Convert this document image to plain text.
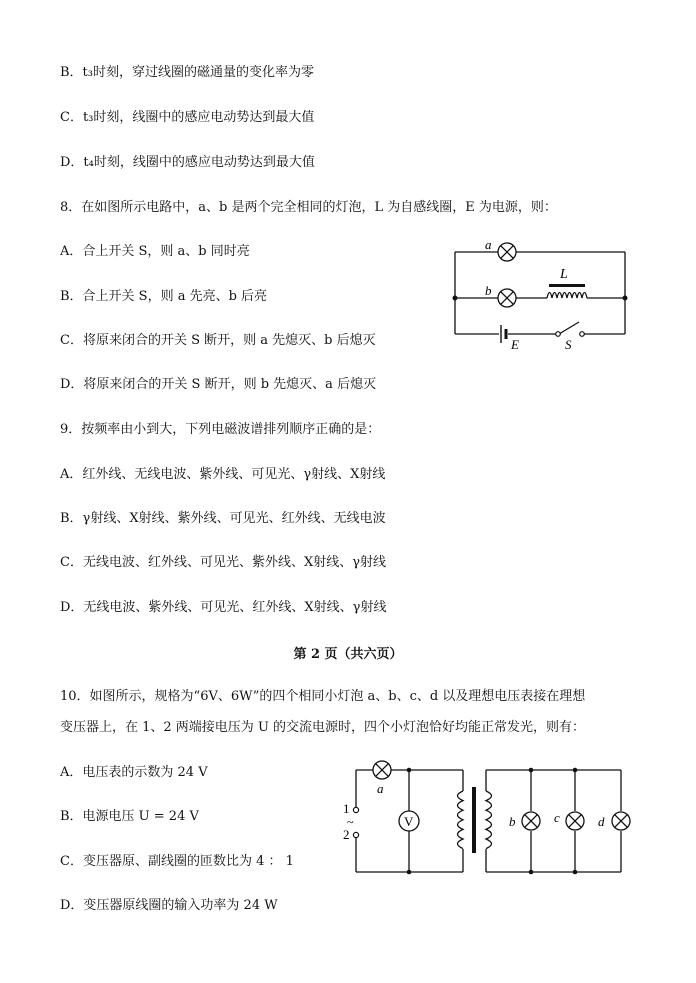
B．t₃时刻，穿过线圈的磁通量的变化率为零
C．t₃时刻，线圈中的感应电动势达到最大值
D．t₄时刻，线圈中的感应电动势达到最大值
8．在如图所示电路中，a、b 是两个完全相同的灯泡，L 为自感线圈，E 为电源，则：
A．合上开关 S，则 a、b 同时亮
B．合上开关 S，则 a 先亮、b 后亮
C．将原来闭合的开关 S 断开，则 a 先熄灭、b 后熄灭
D．将原来闭合的开关 S 断开，则 b 先熄灭、a 后熄灭
a
b
L
E	S
9．按频率由小到大，下列电磁波谱排列顺序正确的是：
A．红外线、无线电波、紫外线、可见光、γ射线、X射线
B．γ射线、X射线、紫外线、可见光、红外线、无线电波
C．无线电波、红外线、可见光、紫外线、X射线、γ射线
D．无线电波、紫外线、可见光、红外线、X射线、γ射线
第 2 页（共六页）
10．如图所示，规格为“6V、6W”的四个相同小灯泡 a、b、c、d 以及理想电压表接在理想
变压器上，在 1、2 两端接电压为 U 的交流电源时，四个小灯泡恰好均能正常发光，则有：
A．电压表的示数为 24 V
B．电源电压 U = 24 V
C．变压器原、副线圈的匝数比为 4 ： 1
D．变压器原线圈的输入功率为 24 W
V
1
~
2
a
b	c	d
